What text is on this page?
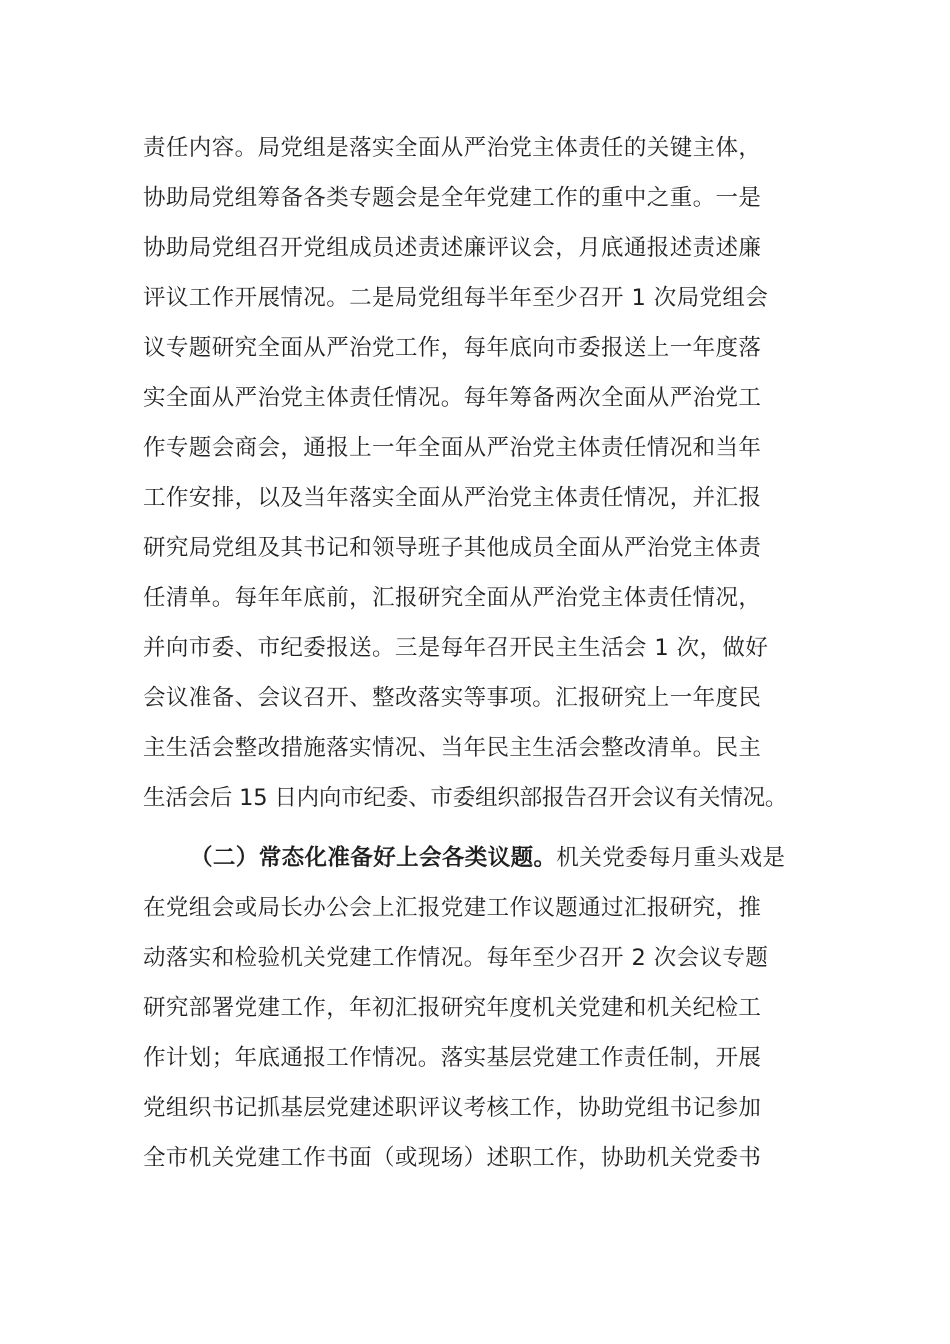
责任内容。局党组是落实全面从严治党主体责任的关键主体，
协助局党组筹备各类专题会是全年党建工作的重中之重。一是
协助局党组召开党组成员述责述廉评议会，月底通报述责述廉
评议工作开展情况。二是局党组每半年至少召开 1 次局党组会
议专题研究全面从严治党工作，每年底向市委报送上一年度落
实全面从严治党主体责任情况。每年筹备两次全面从严治党工
作专题会商会，通报上一年全面从严治党主体责任情况和当年
工作安排，以及当年落实全面从严治党主体责任情况，并汇报
研究局党组及其书记和领导班子其他成员全面从严治党主体责
任清单。每年年底前，汇报研究全面从严治党主体责任情况，
并向市委、市纪委报送。三是每年召开民主生活会 1 次，做好
会议准备、会议召开、整改落实等事项。汇报研究上一年度民
主生活会整改措施落实情况、当年民主生活会整改清单。民主
生活会后 15 日内向市纪委、市委组织部报告召开会议有关情况。
（二）常态化准备好上会各类议题。机关党委每月重头戏是
在党组会或局长办公会上汇报党建工作议题通过汇报研究，推
动落实和检验机关党建工作情况。每年至少召开 2 次会议专题
研究部署党建工作，年初汇报研究年度机关党建和机关纪检工
作计划；年底通报工作情况。落实基层党建工作责任制，开展
党组织书记抓基层党建述职评议考核工作，协助党组书记参加
全市机关党建工作书面（或现场）述职工作，协助机关党委书
